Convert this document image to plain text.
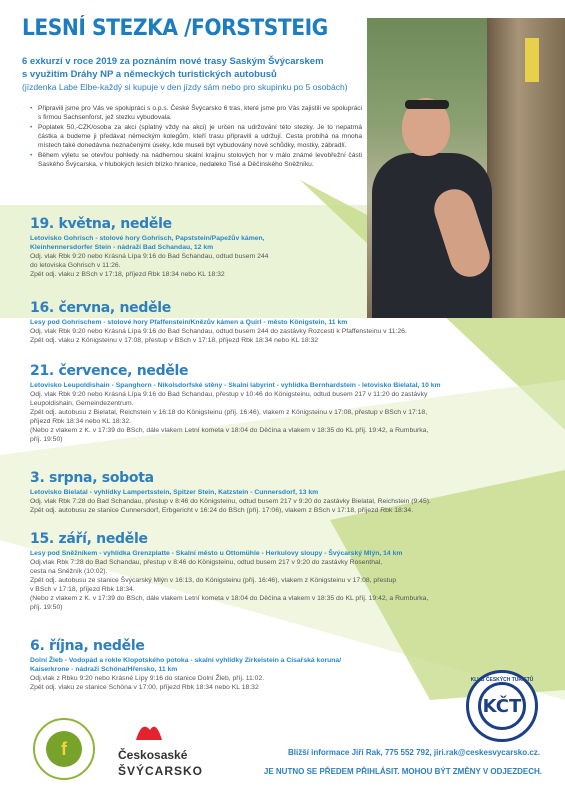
LESNÍ STEZKA /FORSTSTEIG
6 exkurzí v roce 2019 za poznáním nové trasy Saským Švýcarskem
s využitím Dráhy NP a německých turistických autobusů
(jízdenka Labe Elbe-každý si kupuje v den jízdy sám nebo pro skupinku po 5 osobách)
• Připravili jsme pro Vás ve spolupráci s o.p.s. České Švýcarsko 6 tras, které jsme pro Vás zajistili ve spolupráci s firmou Sachsenforst, jež stezku vybudovala.
• Poplatek 50,-CZK/osoba za akci (splatný vždy na akci) je určen na udržování této stezky. Je to nepatrná částka a budeme ji předávat německým kolegům, kteří trasu připravili a udržují. Cesta probíhá na mnoha místech také donedávna neznačenými úseky, kde museli být vybudovány nové schůdky, mostky, zábradlí.
• Během výletu se otevřou pohledy na nádhernou skalní krajinu stolových hor v málo známé levobřežní části Saského Švýcarska, v hlubokých lesích blízko hranice, nedaleko Tisé a Děčínského Sněžníku.
19. května, neděle
Letovisko Gohrisch - stolové hory Gohrisch, Papststein/Papežův kámen,
Kleinhennersdorfer Stein - nádraží Bad Schandau, 12 km
Odj. vlak Rbk 9:20 nebo Krásná Lípa 9:16 do Bad Schandau, odtud busem 244
do letoviska Gohrisch v 11:26.
Zpět odj. vlaku z BSch v 17:18, příjezd Rbk 18:34 nebo KL 18:32
16. června, neděle
Lesy pod Gohrischem - stolové hory Pfaffenstein/Knězův kámen a Quirl - město Königstein, 11 km
Odj. vlak Rbk 9:20 nebo Krásná Lípa 9:16 do Bad Schandau, odtud busem 244 do zastávky Rozcestí k Pfaffensteinu v 11:26.
Zpět odj. vlaku z Königsteinu v 17:08, přestup v BSch v 17:18, příjezd Rbk 18:34 nebo KL 18:32
21. července, neděle
Letovisko Leupoldishain - Spanghorn - Nikolsdorfské stěny - Skalní labyrint - vyhlídka Bernhardstein - letovisko Bielatal, 10 km
Odj. vlak Rbk 9:20 nebo Krásná Lípa 9:16 do Bad Schandau, přestup v 10:46 do Königsteinu, odtud busem 217 v 11:20 do zastávky
Leupoldishain, Gemeindezentrum.
Zpět odj. autobusu z Bielatal, Reichstein v 16:18 do Königsteinu (příj. 16:46), vlakem z Königsteinu v 17:08, přestup v BSch v 17:18,
příjezd Rbk 18:34 nebo KL 18:32.
(Nebo z vlakem z K. v 17:39 do BSch, dále vlakem Letní kometa v 18:04 do Děčína a vlakem v 18:35 do KL příj. 19:42, a Rumburka,
příj. 19:50)
3. srpna, sobota
Letovisko Bielatal - vyhlídky Lampertsstein, Spitzer Stein, Katzstein - Cunnersdorf, 13 km
Odj. vlak Rbk 7:28 do Bad Schandau, přestup v 8:46 do Königsteinu, odtud busem 217 v 9:20 do zastávky Bielatal, Reichstein (9:45).
Zpět odj. autobusu ze stanice Cunnersdorf, Erbgericht v 16:24 do BSch (příj. 17:06), vlakem z BSch v 17:18, příjezd Rbk 18:34.
15. září, neděle
Lesy pod Sněžníkem - vyhlídka Grenzplatte - Skalní město u Ottomühle - Herkulovy sloupy - Švýcarský Mlýn, 14 km
Odj.vlak Rbk 7:28 do Bad Schandau, přestup v 8:46 do Königsteinu, odtud busem 217 v 9:20 do zastávky Rosenthal,
cesta na Sněžník (10:02).
Zpět odj. autobusu ze stanice Švýcarský Mlýn v 16:13, do Königsteinu (příj. 16:46), vlakem z Königsteinu v 17:08, přestup
v BSch v 17:18, příjezd Rbk 18:34.
(Nebo z vlakem z K. v 17:39 do BSch, dále vlakem Letní kometa v 18:04 do Děčína a vlakem v 18:35 do KL příj. 19:42, a Rumburka,
příj. 19:50)
6. října, neděle
Dolní Žleb - Vodopád a rokle Klopotského potoka - skalní vyhlídky Zirkelstein a Císařská koruna/
Kaiserkrone - nádraží Schöna/Hřensko, 11 km
Odj.vlak z Rbku 9:20 nebo Krásné Lípy 9:16 do stanice Dolní Žleb, příj. 11:02.
Zpět odj. vlaku ze stanice Schöna v 17:00, příjezd Rbk 18:34 nebo KL 18:32
KLUB ČESKÝCH TURISTŮ
KČT
f	Českosaské
ŠVÝCARSKO
Bližší informace Jiří Rak, 775 552 792, jiri.rak@ceskesvycarsko.cz.
JE NUTNO SE PŘEDEM PŘIHLÁSIT. MOHOU BÝT ZMĚNY V ODJEZDECH.
